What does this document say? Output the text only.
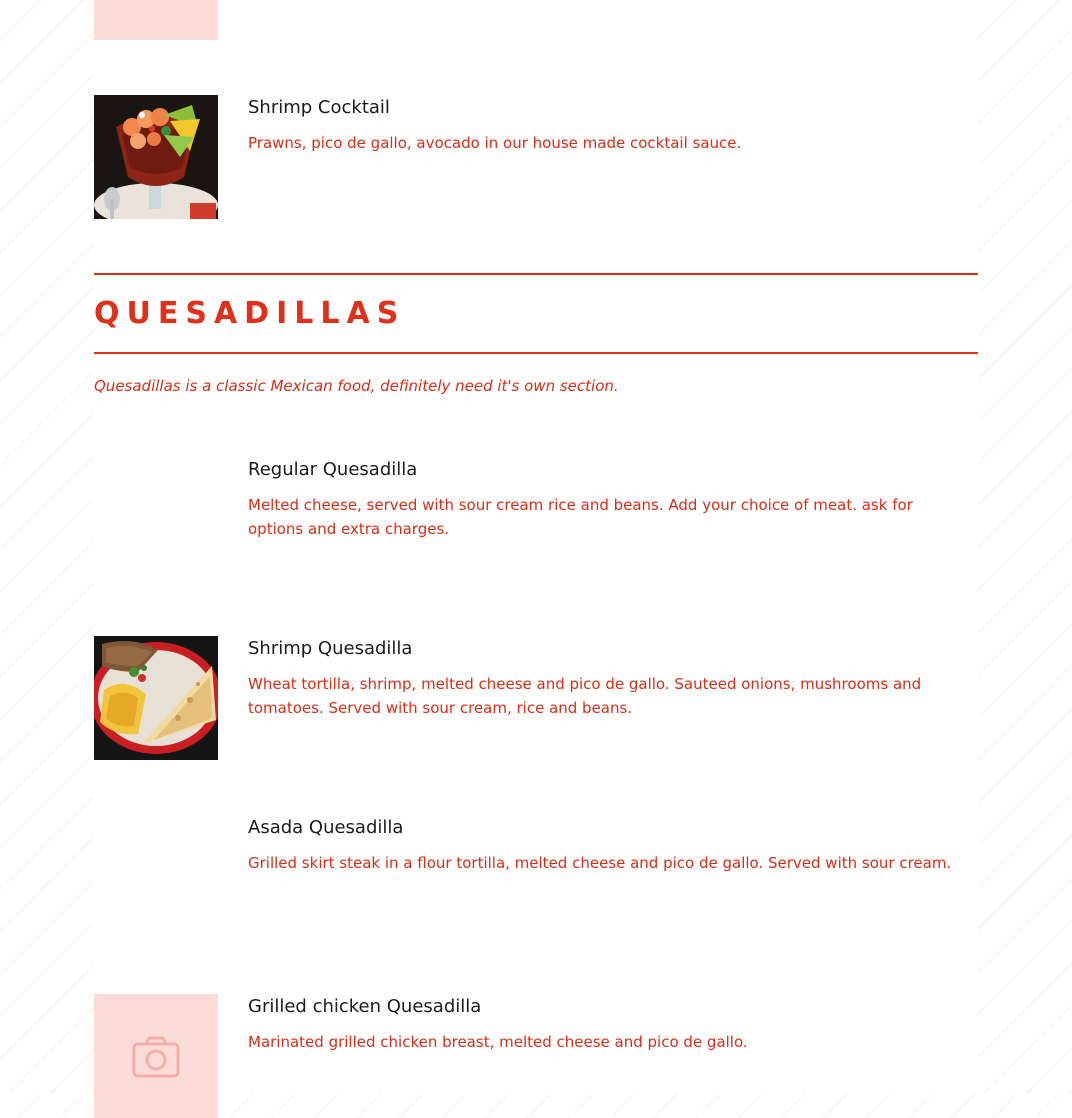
Shrimp Cocktail
Prawns, pico de gallo, avocado in our house made cocktail sauce.
QUESADILLAS
Quesadillas is a classic Mexican food, definitely need it's own section.
Regular Quesadilla
Melted cheese, served with sour cream rice and beans. Add your choice of meat. ask for options and extra charges.
Shrimp Quesadilla
Wheat tortilla, shrimp, melted cheese and pico de gallo. Sauteed onions, mushrooms and tomatoes. Served with sour cream, rice and beans.
Asada Quesadilla
Grilled skirt steak in a flour tortilla, melted cheese and pico de gallo. Served with sour cream.
Grilled chicken Quesadilla
Marinated grilled chicken breast, melted cheese and pico de gallo.
